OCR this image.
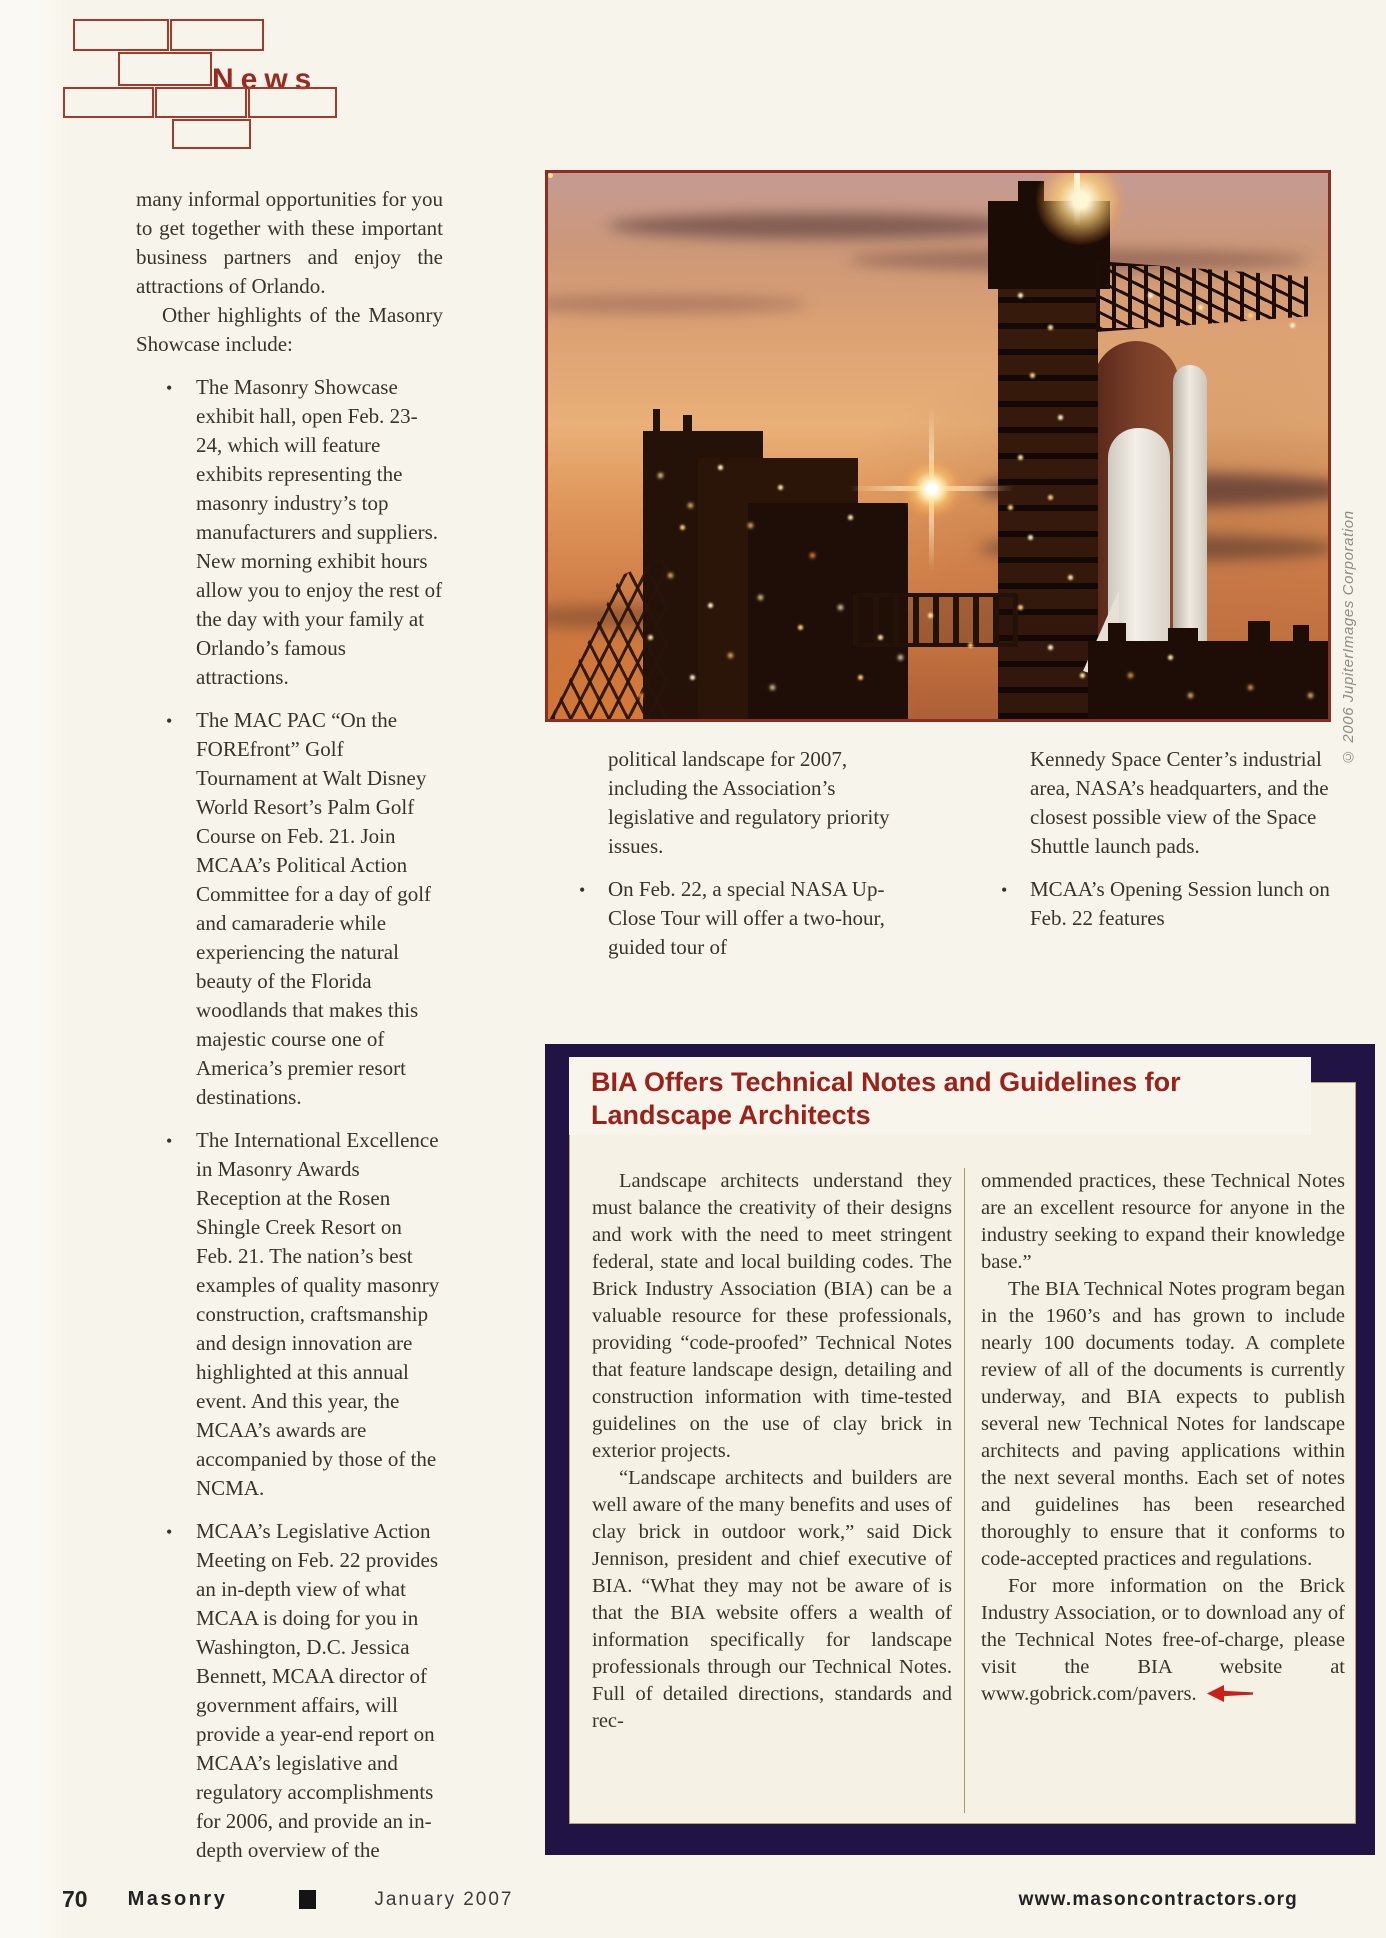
News

many informal opportunities for you to get together with these important business partners and enjoy the attractions of Orlando.

Other highlights of the Masonry Showcase include:

• The Masonry Showcase exhibit hall, open Feb. 23-24, which will feature exhibits representing the masonry industry’s top manufacturers and suppliers. New morning exhibit hours allow you to enjoy the rest of the day with your family at Orlando’s famous attractions.
• The MAC PAC “On the FOREfront” Golf Tournament at Walt Disney World Resort’s Palm Golf Course on Feb. 21. Join MCAA’s Political Action Committee for a day of golf and camaraderie while experiencing the natural beauty of the Florida woodlands that makes this majestic course one of America’s premier resort destinations.
• The International Excellence in Masonry Awards Reception at the Rosen Shingle Creek Resort on Feb. 21. The nation’s best examples of quality masonry construction, craftsmanship and design innovation are highlighted at this annual event. And this year, the MCAA’s awards are accompanied by those of the NCMA.
• MCAA’s Legislative Action Meeting on Feb. 22 provides an in-depth view of what MCAA is doing for you in Washington, D.C. Jessica Bennett, MCAA director of government affairs, will provide a year-end report on MCAA’s legislative and regulatory accomplishments for 2006, and provide an in-depth overview of the
© 2006 JupiterImages Corporation

political landscape for 2007, including the Association’s legislative and regulatory priority issues.

• On Feb. 22, a special NASA Up-Close Tour will offer a two-hour, guided tour of

Kennedy Space Center’s industrial area, NASA’s headquarters, and the closest possible view of the Space Shuttle launch pads.

• MCAA’s Opening Session lunch on Feb. 22 features
BIA Offers Technical Notes and Guidelines for Landscape Architects

Landscape architects understand they must balance the creativity of their designs and work with the need to meet stringent federal, state and local building codes. The Brick Industry Association (BIA) can be a valuable resource for these professionals, providing “code-proofed” Technical Notes that feature landscape design, detailing and construction information with time-tested guidelines on the use of clay brick in exterior projects.

“Landscape architects and builders are well aware of the many benefits and uses of clay brick in outdoor work,” said Dick Jennison, president and chief executive of BIA. “What they may not be aware of is that the BIA website offers a wealth of information specifically for landscape professionals through our Technical Notes. Full of detailed directions, standards and rec-

ommended practices, these Technical Notes are an excellent resource for anyone in the industry seeking to expand their knowledge base.”

The BIA Technical Notes program began in the 1960’s and has grown to include nearly 100 documents today. A complete review of all of the documents is currently underway, and BIA expects to publish several new Technical Notes for landscape architects and paving applications within the next several months. Each set of notes and guidelines has been researched thoroughly to ensure that it conforms to code-accepted practices and regulations.

For more information on the Brick Industry Association, or to download any of the Technical Notes free-of-charge, please visit the BIA website at www.gobrick.com/pavers.

70 Masonry	January 2007	www.masoncontractors.org
